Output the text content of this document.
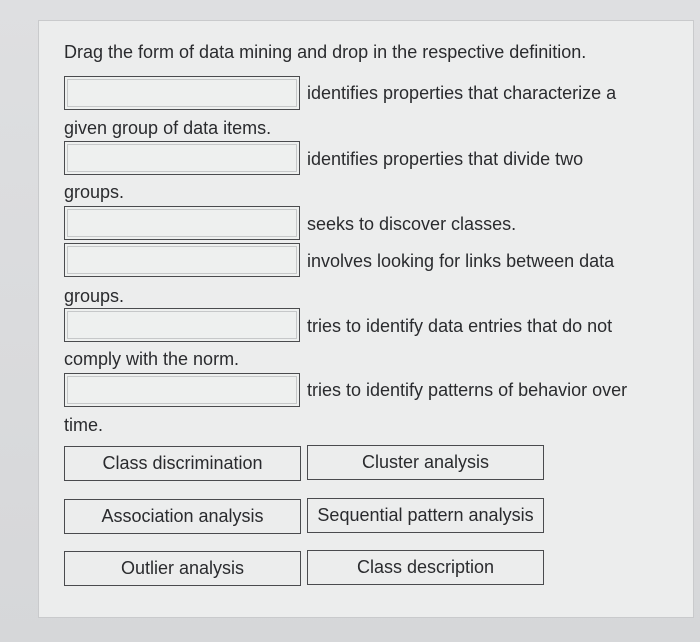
Drag the form of data mining and drop in the respective definition.
identifies properties that characterize a
given group of data items.
identifies properties that divide two
groups.
seeks to discover classes.
involves looking for links between data
groups.
tries to identify data entries that do not
comply with the norm.
tries to identify patterns of behavior over
time.
Class discrimination	Cluster analysis
Association analysis	Sequential pattern analysis
Outlier analysis	Class description
